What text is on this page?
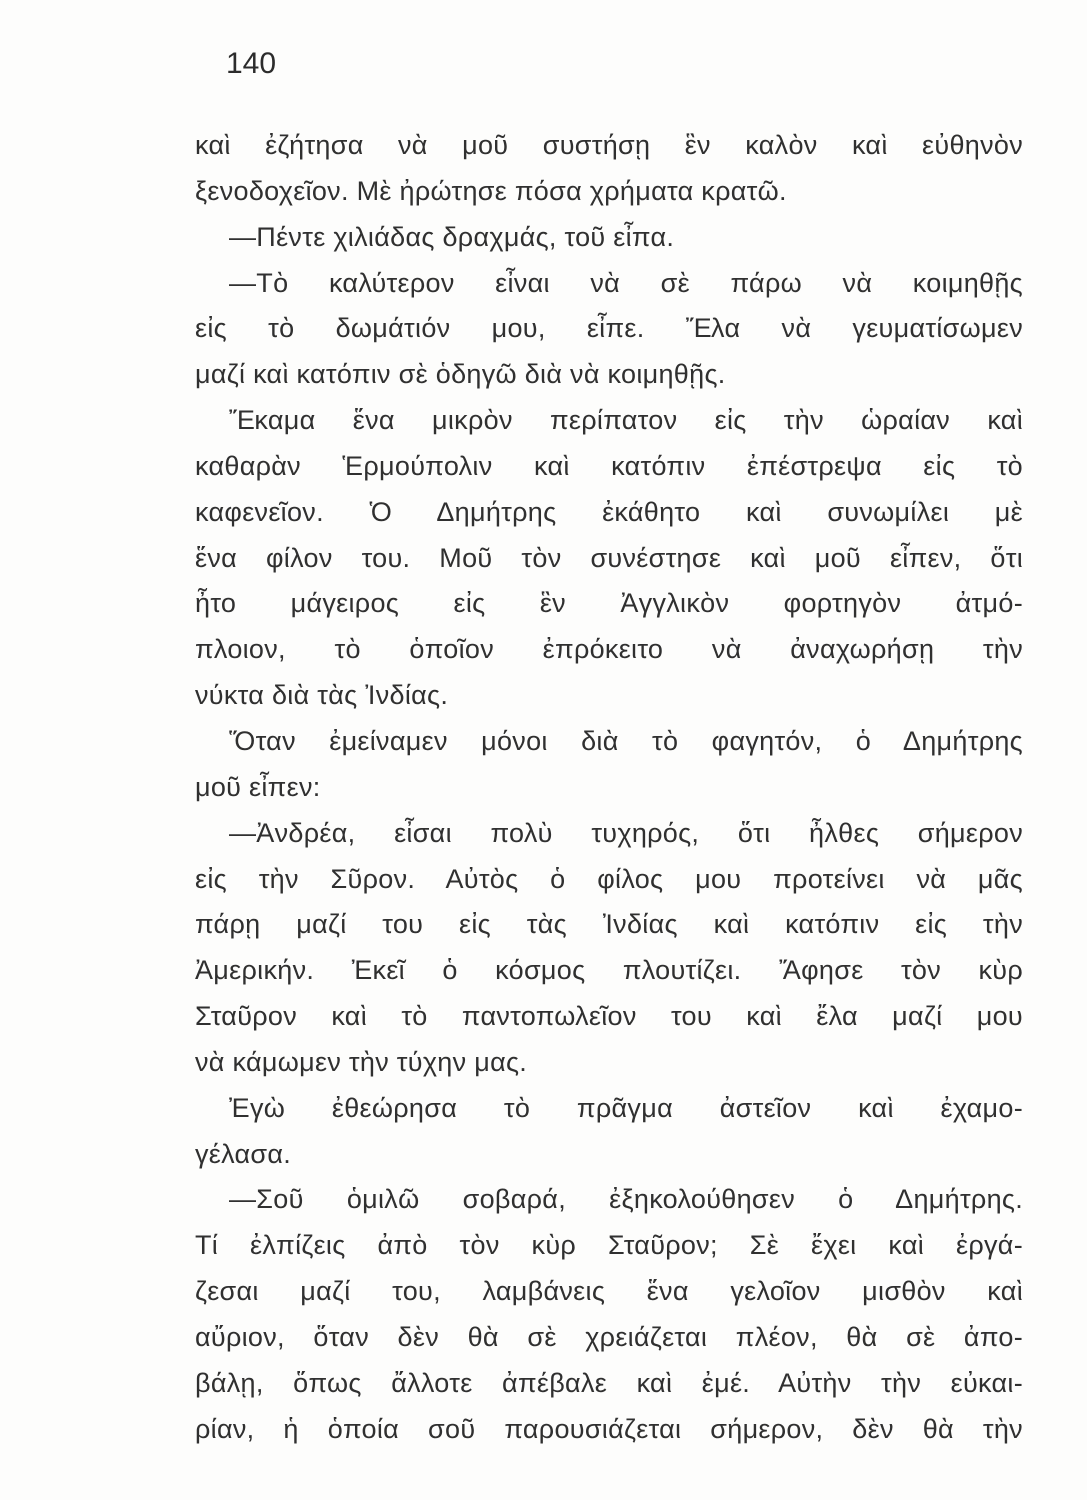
140
καὶ ἐζήτησα νὰ μοῦ συστήσῃ ἓν καλὸν καὶ εὐθηνὸν
ξενοδοχεῖον. Μὲ ἠρώτησε πόσα χρήματα κρατῶ.
—Πέντε χιλιάδας δραχμάς, τοῦ εἶπα.
—Τὸ καλύτερον εἶναι νὰ σὲ πάρω νὰ κοιμηθῇς
εἰς τὸ δωμάτιόν μου, εἶπε. Ἔλα νὰ γευματίσωμεν
μαζί καὶ κατόπιν σὲ ὁδηγῶ διὰ νὰ κοιμηθῇς.
Ἔκαμα ἕνα μικρὸν περίπατον εἰς τὴν ὡραίαν καὶ
καθαρὰν Ἑρμούπολιν καὶ κατόπιν ἐπέστρεψα εἰς τὸ
καφενεῖον. Ὁ Δημήτρης ἐκάθητο καὶ συνωμίλει μὲ
ἕνα φίλον του. Μοῦ τὸν συνέστησε καὶ μοῦ εἶπεν, ὅτι
ἦτο μάγειρος εἰς ἓν Ἀγγλικὸν φορτηγὸν ἀτμό-
πλοιον, τὸ ὁποῖον ἐπρόκειτο νὰ ἀναχωρήσῃ τὴν
νύκτα διὰ τὰς Ἰνδίας.
Ὅταν ἐμείναμεν μόνοι διὰ τὸ φαγητόν, ὁ Δημήτρης
μοῦ εἶπεν:
—Ἀνδρέα, εἶσαι πολὺ τυχηρός, ὅτι ἦλθες σήμερον
εἰς τὴν Σῦρον. Αὐτὸς ὁ φίλος μου προτείνει νὰ μᾶς
πάρῃ μαζί του εἰς τὰς Ἰνδίας καὶ κατόπιν εἰς τὴν
Ἀμερικήν. Ἐκεῖ ὁ κόσμος πλουτίζει. Ἄφησε τὸν κὺρ
Σταῦρον καὶ τὸ παντοπωλεῖον του καὶ ἔλα μαζί μου
νὰ κάμωμεν τὴν τύχην μας.
Ἐγὼ ἐθεώρησα τὸ πρᾶγμα ἀστεῖον καὶ ἐχαμο-
γέλασα.
—Σοῦ ὁμιλῶ σοβαρά, ἐξηκολούθησεν ὁ Δημήτρης.
Τί ἐλπίζεις ἀπὸ τὸν κὺρ Σταῦρον; Σὲ ἔχει καὶ ἐργά-
ζεσαι μαζί του, λαμβάνεις ἕνα γελοῖον μισθὸν καὶ
αὔριον, ὅταν δὲν θὰ σὲ χρειάζεται πλέον, θὰ σὲ ἀπο-
βάλῃ, ὅπως ἄλλοτε ἀπέβαλε καὶ ἐμέ. Αὐτὴν τὴν εὐκαι-
ρίαν, ἡ ὁποία σοῦ παρουσιάζεται σήμερον, δὲν θὰ τὴν
